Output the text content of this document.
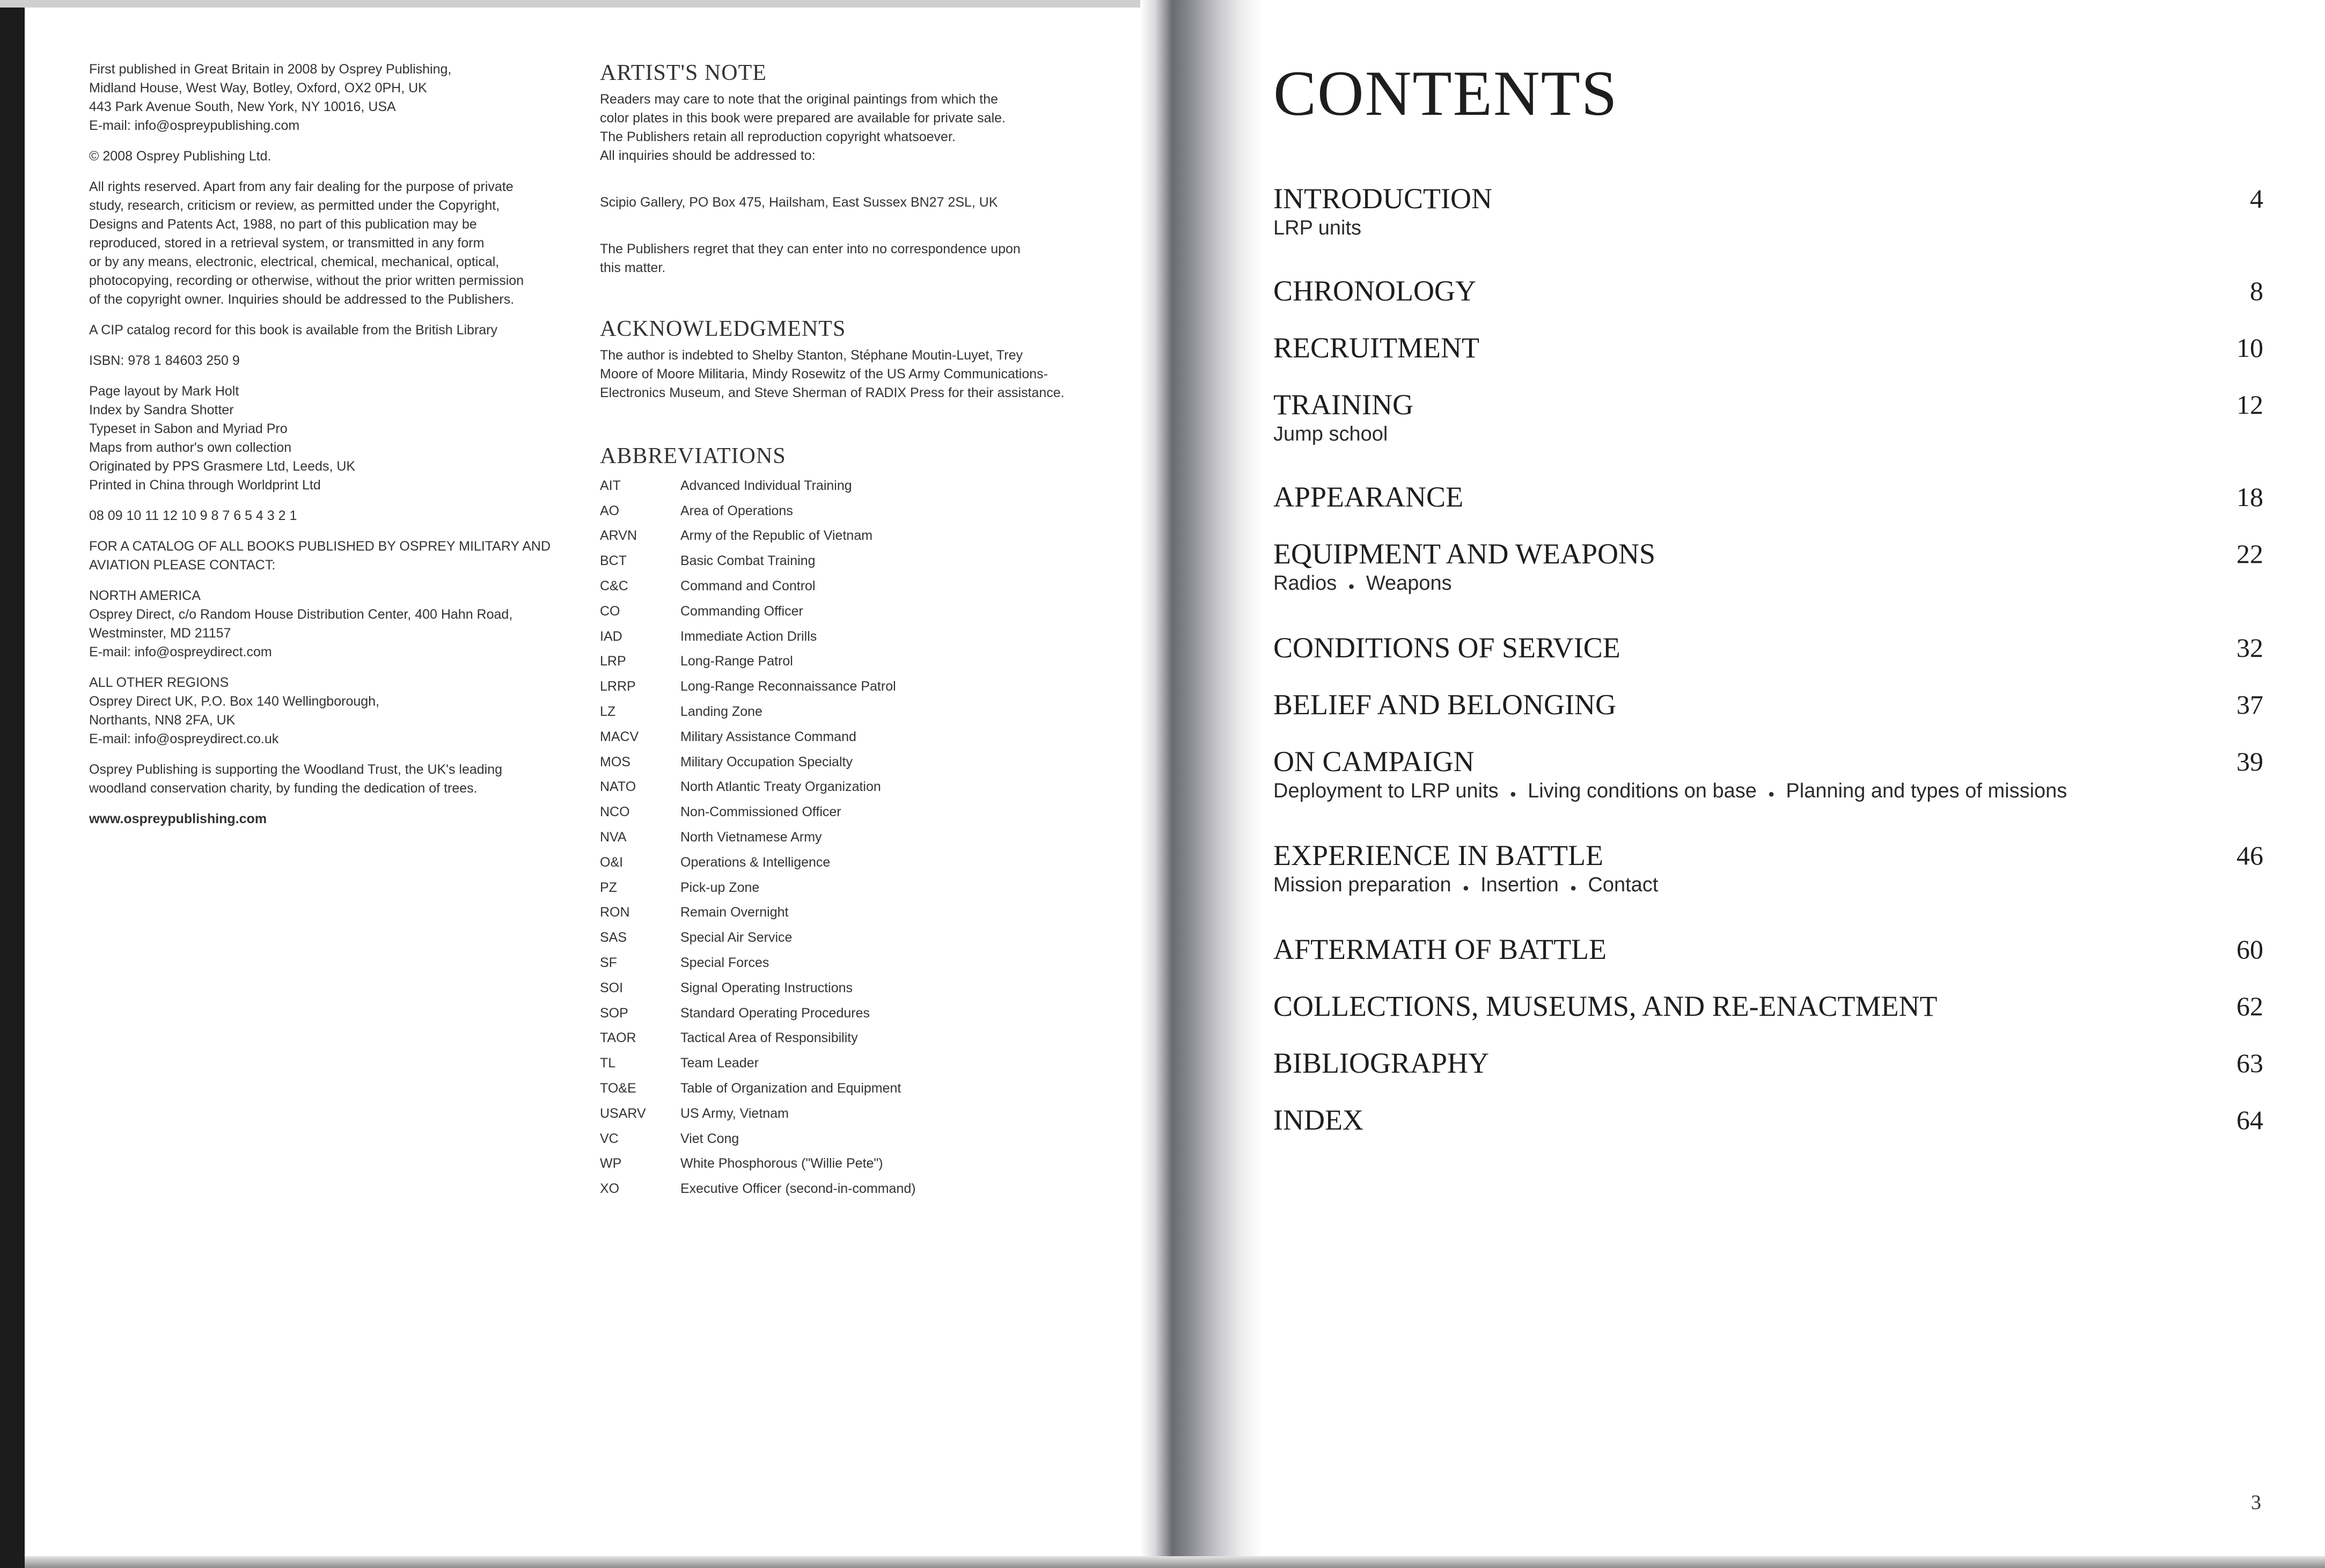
First published in Great Britain in 2008 by Osprey Publishing,
Midland House, West Way, Botley, Oxford, OX2 0PH, UK
443 Park Avenue South, New York, NY 10016, USA
E-mail: info@ospreypublishing.com

© 2008 Osprey Publishing Ltd.

All rights reserved. Apart from any fair dealing for the purpose of private
study, research, criticism or review, as permitted under the Copyright,
Designs and Patents Act, 1988, no part of this publication may be
reproduced, stored in a retrieval system, or transmitted in any form
or by any means, electronic, electrical, chemical, mechanical, optical,
photocopying, recording or otherwise, without the prior written permission
of the copyright owner. Inquiries should be addressed to the Publishers.

A CIP catalog record for this book is available from the British Library

ISBN: 978 1 84603 250 9

Page layout by Mark Holt
Index by Sandra Shotter
Typeset in Sabon and Myriad Pro
Maps from author's own collection
Originated by PPS Grasmere Ltd, Leeds, UK
Printed in China through Worldprint Ltd

08 09 10 11 12 10 9 8 7 6 5 4 3 2 1

FOR A CATALOG OF ALL BOOKS PUBLISHED BY OSPREY MILITARY AND
AVIATION PLEASE CONTACT:

NORTH AMERICA
Osprey Direct, c/o Random House Distribution Center, 400 Hahn Road,
Westminster, MD 21157
E-mail: info@ospreydirect.com

ALL OTHER REGIONS
Osprey Direct UK, P.O. Box 140 Wellingborough,
Northants, NN8 2FA, UK
E-mail: info@ospreydirect.co.uk

Osprey Publishing is supporting the Woodland Trust, the UK's leading
woodland conservation charity, by funding the dedication of trees.

www.ospreypublishing.com

ARTIST'S NOTE

Readers may care to note that the original paintings from which the
color plates in this book were prepared are available for private sale.
The Publishers retain all reproduction copyright whatsoever.
All inquiries should be addressed to:

Scipio Gallery, PO Box 475, Hailsham, East Sussex BN27 2SL, UK

The Publishers regret that they can enter into no correspondence upon
this matter.

ACKNOWLEDGMENTS

The author is indebted to Shelby Stanton, Stéphane Moutin-Luyet, Trey
Moore of Moore Militaria, Mindy Rosewitz of the US Army Communications-
Electronics Museum, and Steve Sherman of RADIX Press for their assistance.

ABBREVIATIONS
AIT	Advanced Individual Training
AO	Area of Operations
ARVN	Army of the Republic of Vietnam
BCT	Basic Combat Training
C&C	Command and Control
CO	Commanding Officer
IAD	Immediate Action Drills
LRP	Long-Range Patrol
LRRP	Long-Range Reconnaissance Patrol
LZ	Landing Zone
MACV	Military Assistance Command
MOS	Military Occupation Specialty
NATO	North Atlantic Treaty Organization
NCO	Non-Commissioned Officer
NVA	North Vietnamese Army
O&I	Operations & Intelligence
PZ	Pick-up Zone
RON	Remain Overnight
SAS	Special Air Service
SF	Special Forces
SOI	Signal Operating Instructions
SOP	Standard Operating Procedures
TAOR	Tactical Area of Responsibility
TL	Team Leader
TO&E	Table of Organization and Equipment
USARV	US Army, Vietnam
VC	Viet Cong
WP	White Phosphorous ("Willie Pete")
XO	Executive Officer (second-in-command)
CONTENTS
INTRODUCTION	4
LRP units
CHRONOLOGY	8
RECRUITMENT	10
TRAINING	12
Jump school
APPEARANCE	18
EQUIPMENT AND WEAPONS	22
Radios • Weapons
CONDITIONS OF SERVICE	32
BELIEF AND BELONGING	37
ON CAMPAIGN	39
Deployment to LRP units • Living conditions on base • Planning and types of missions
EXPERIENCE IN BATTLE	46
Mission preparation • Insertion • Contact
AFTERMATH OF BATTLE	60
COLLECTIONS, MUSEUMS, AND RE-ENACTMENT	62
BIBLIOGRAPHY	63
INDEX	64
3
